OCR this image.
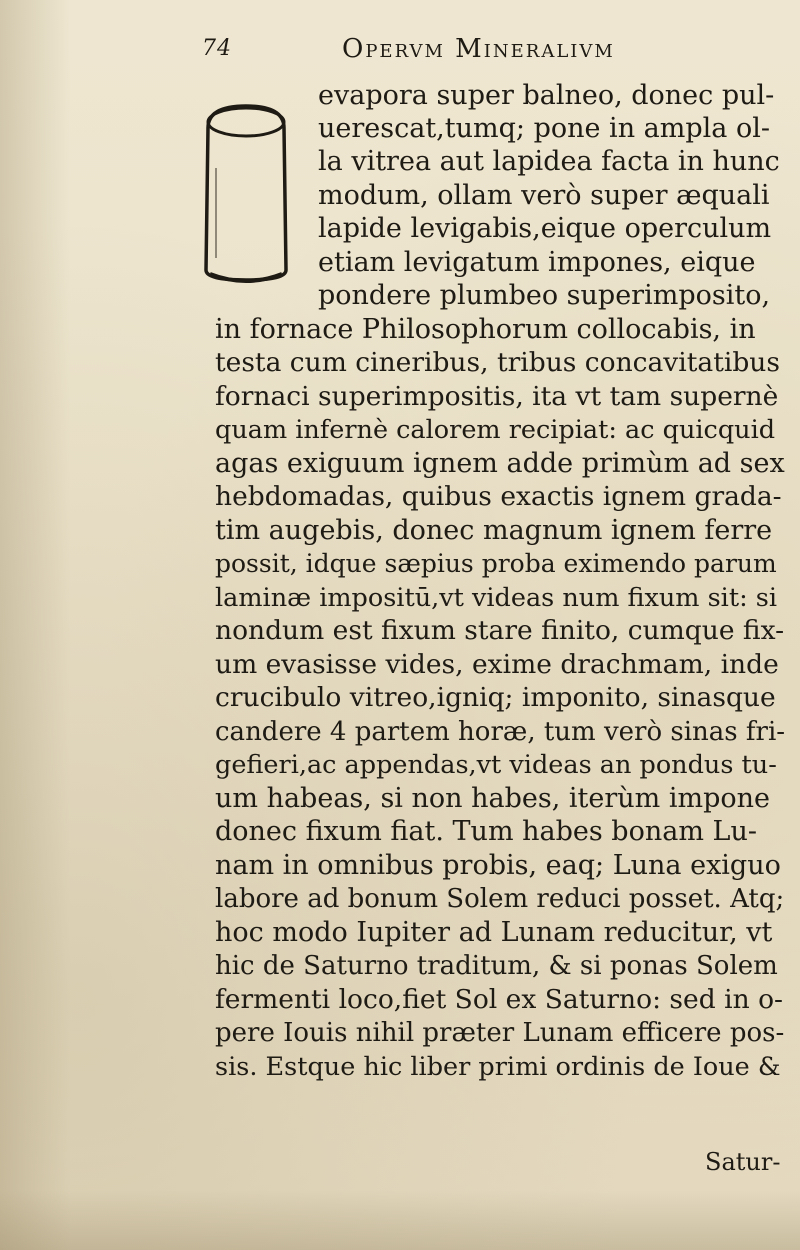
74	Opervm Mineralivm
evapora super balneo, donec pul-
uerescat,tumq; pone in ampla ol-
la vitrea aut lapidea facta in hunc
modum, ollam verò super æquali
lapide levigabis,eique operculum
etiam levigatum impones, eique
pondere plumbeo superimposito,
in fornace Philosophorum collocabis, in
testa cum cineribus, tribus concavitatibus
fornaci superimpositis, ita vt tam supernè
quam infernè calorem recipiat: ac quicquid
agas exiguum ignem adde primùm ad sex
hebdomadas, quibus exactis ignem grada-
tim augebis, donec magnum ignem ferre
possit, idque sæpius proba eximendo parum
laminæ impositū,vt videas num fixum sit: si
nondum est fixum stare finito, cumque fix-
um evasisse vides, exime drachmam, inde
crucibulo vitreo,igniq; imponito, sinasque
candere 4 partem horæ, tum verò sinas fri-
gefieri,ac appendas,vt videas an pondus tu-
um habeas, si non habes, iterùm impone
donec fixum fiat. Tum habes bonam Lu-
nam in omnibus probis, eaq; Luna exiguo
labore ad bonum Solem reduci posset. Atq;
hoc modo Iupiter ad Lunam reducitur, vt
hic de Saturno traditum, & si ponas Solem
fermenti loco,fiet Sol ex Saturno: sed in o-
pere Iouis nihil præter Lunam efficere pos-
sis. Estque hic liber primi ordinis de Ioue &
Satur-
